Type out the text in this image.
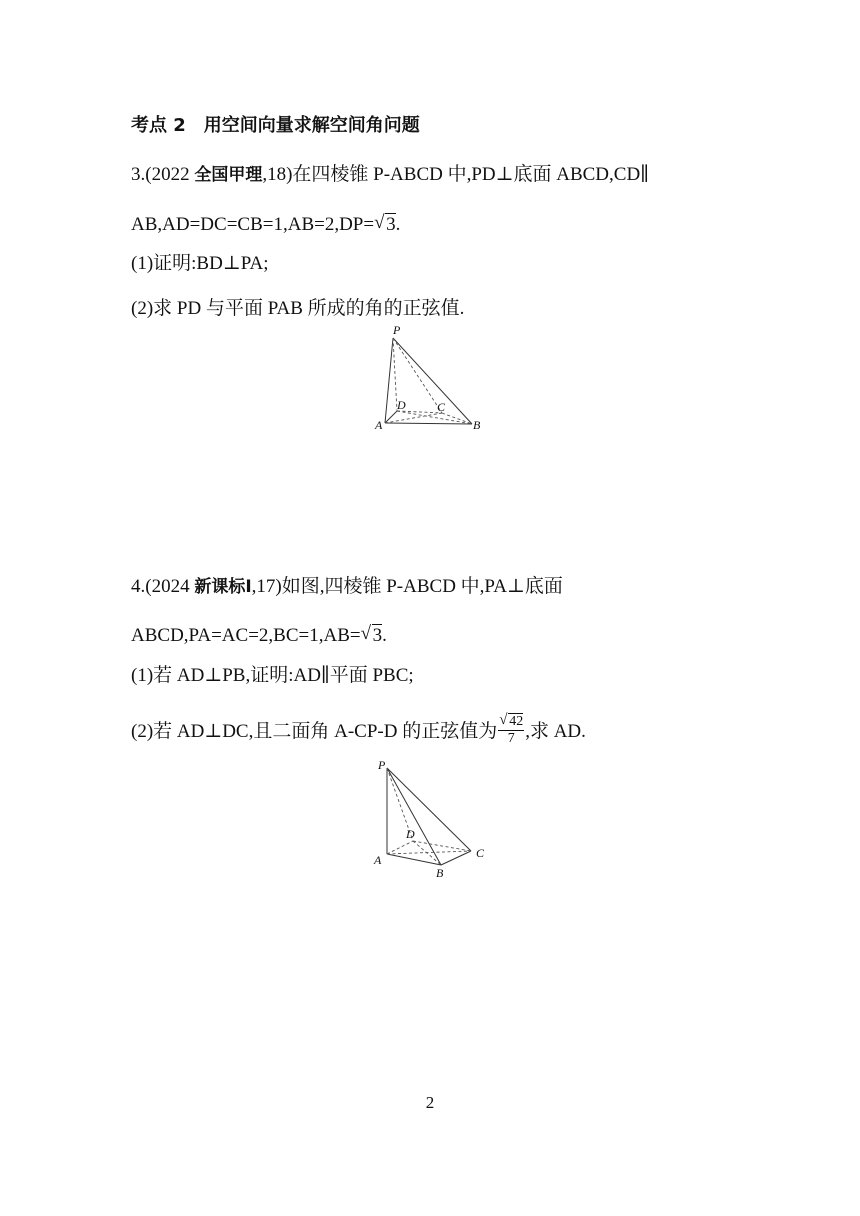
考点 2　用空间向量求解空间角问题
3.(2022 全国甲理,18)在四棱锥 P-ABCD 中,PD⊥底面 ABCD,CD∥
AB,AD=DC=CB=1,AB=2,DP= √ 3.
(1)证明:BD⊥PA;
(2)求 PD 与平面 PAB 所成的角的正弦值.
P
D	C
A	B
4.(2024 新课标Ⅰ,17)如图,四棱锥 P-ABCD 中,PA⊥底面
ABCD,PA=AC=2,BC=1,AB= √ 3.
(1)若 AD⊥PB,证明:AD∥平面 PBC;
(2)若 AD⊥DC,且二面角 A-CP-D 的正弦值为 $\frac{√ 42}{7}$ ,求 AD.
P
D
C
A
B
2
